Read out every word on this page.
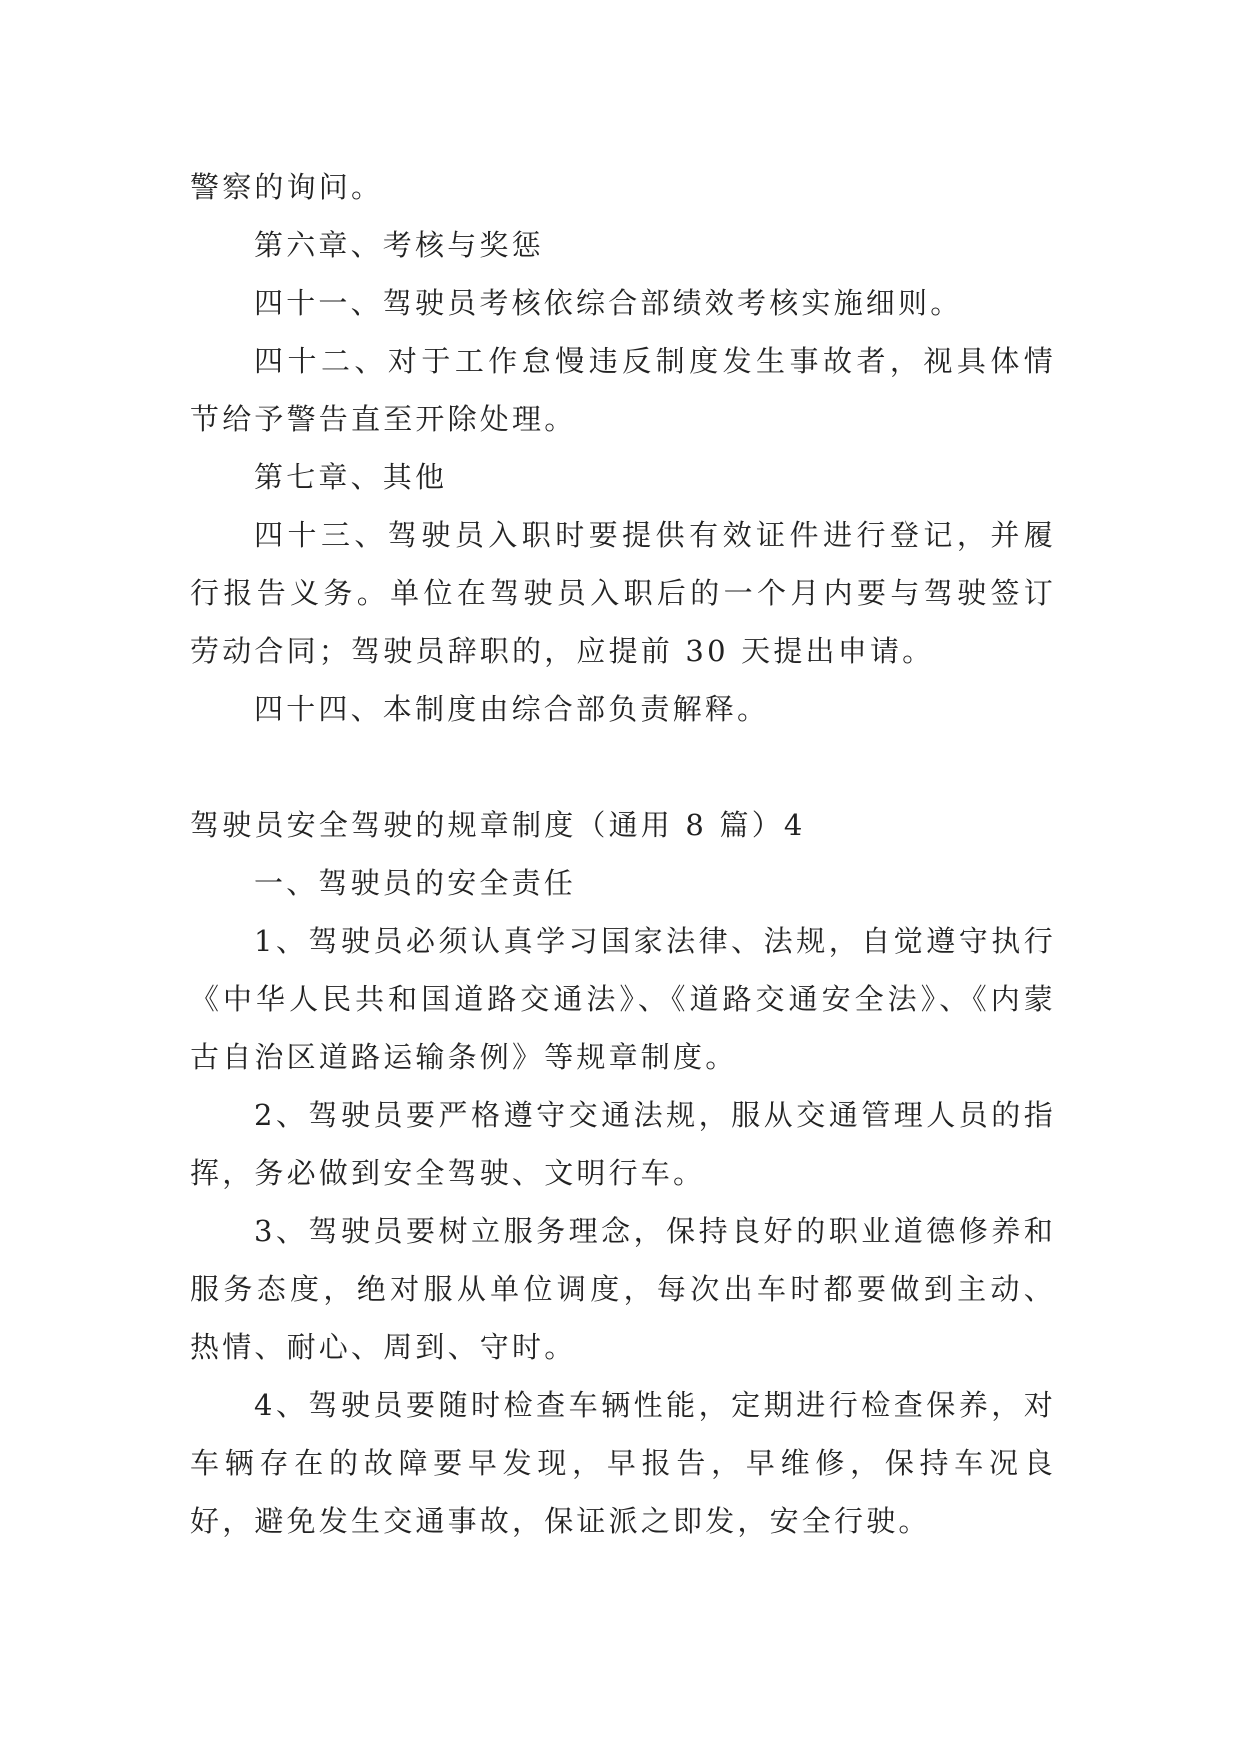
警察的询问。

第六章、考核与奖惩

四十一、驾驶员考核依综合部绩效考核实施细则。

四十二、对于工作怠慢违反制度发生事故者，视具体情节给予警告直至开除处理。

第七章、其他

四十三、驾驶员入职时要提供有效证件进行登记，并履行报告义务。单位在驾驶员入职后的一个月内要与驾驶签订劳动合同；驾驶员辞职的，应提前 30 天提出申请。

四十四、本制度由综合部负责解释。

驾驶员安全驾驶的规章制度（通用 8 篇）4

一、驾驶员的安全责任

1、驾驶员必须认真学习国家法律、法规，自觉遵守执行《中华人民共和国道路交通法》、《道路交通安全法》、《内蒙古自治区道路运输条例》等规章制度。

2、驾驶员要严格遵守交通法规，服从交通管理人员的指挥，务必做到安全驾驶、文明行车。

3、驾驶员要树立服务理念，保持良好的职业道德修养和服务态度，绝对服从单位调度，每次出车时都要做到主动、热情、耐心、周到、守时。

4、驾驶员要随时检查车辆性能，定期进行检查保养，对车辆存在的故障要早发现，早报告，早维修，保持车况良好，避免发生交通事故，保证派之即发，安全行驶。
